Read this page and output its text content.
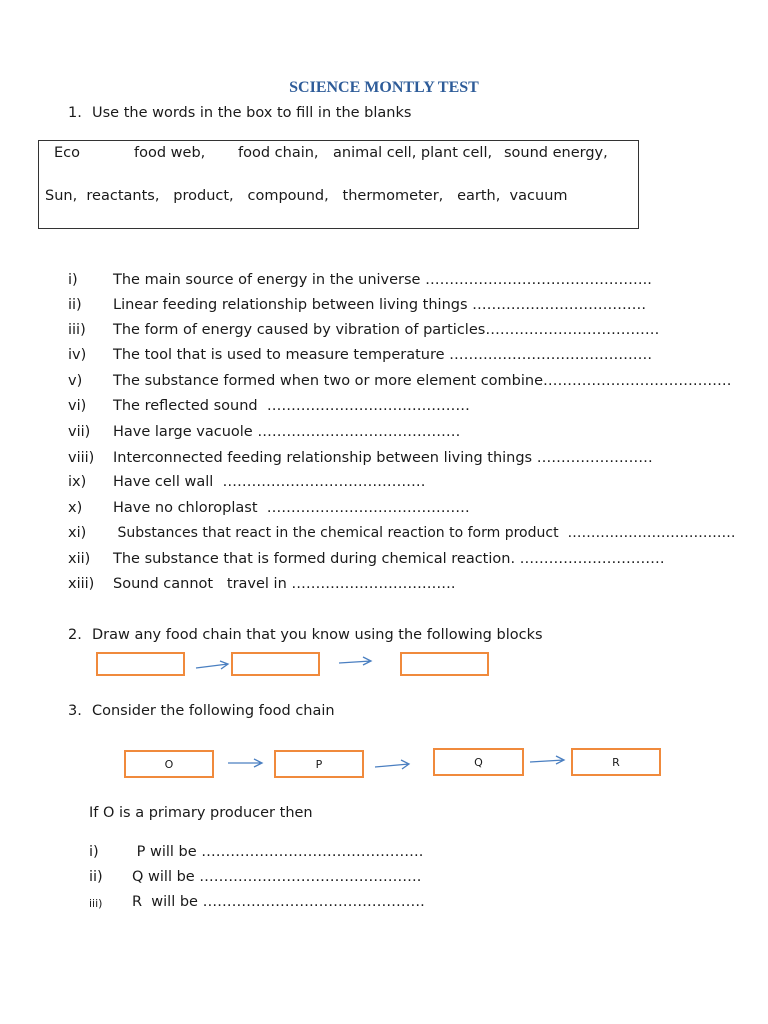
SCIENCE MONTLY TEST
1. Use the words in the box to fill in the blanks
Eco	food web, food chain, animal cell, plant cell, sound energy,
Sun,  reactants,   product,   compound,   thermometer,   earth,  vacuum
i) The main source of energy in the universe ………………………………………..
ii) Linear feeding relationship between living things ………………………………
iii) The form of energy caused by vibration of particles………………………………
iv) The tool that is used to measure temperature ……………………………………
v) The substance formed when two or more element combine…………………………………
vi) The reflected sound  ……………………………………
vii) Have large vacuole ……………………………………
viii) Interconnected feeding relationship between living things ……………………
ix) Have cell wall  ……………………………………
x) Have no chloroplast  ……………………………………
xi) Substances that react in the chemical reaction to form product  ………………………………
xii) The substance that is formed during chemical reaction. …………………………
xiii) Sound cannot   travel in …………………………….
2. Draw any food chain that you know using the following blocks
3. Consider the following food chain
O	P	Q	R
If O is a primary producer then
i) P will be ……………………………………….
ii) Q will be ……………………………………….
iii) R  will be ……………………………………….
